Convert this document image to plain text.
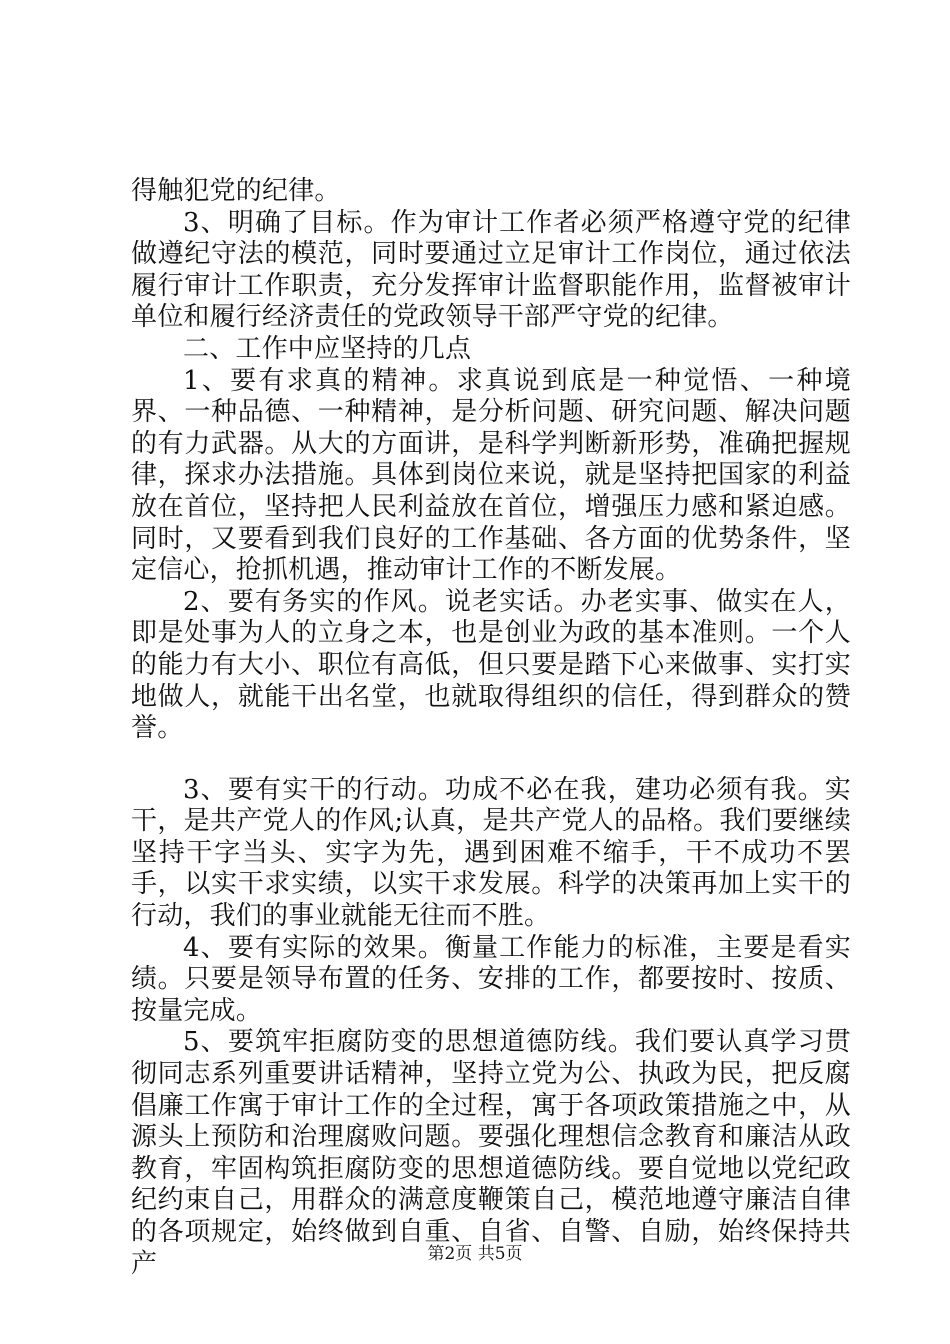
得触犯党的纪律。

3、明确了目标。作为审计工作者必须严格遵守党的纪律做遵纪守法的模范，同时要通过立足审计工作岗位，通过依法履行审计工作职责，充分发挥审计监督职能作用，监督被审计单位和履行经济责任的党政领导干部严守党的纪律。

二、工作中应坚持的几点

1、要有求真的精神。求真说到底是一种觉悟、一种境界、一种品德、一种精神，是分析问题、研究问题、解决问题的有力武器。从大的方面讲，是科学判断新形势，准确把握规律，探求办法措施。具体到岗位来说，就是坚持把国家的利益放在首位，坚持把人民利益放在首位，增强压力感和紧迫感。同时，又要看到我们良好的工作基础、各方面的优势条件，坚定信心，抢抓机遇，推动审计工作的不断发展。

2、要有务实的作风。说老实话。办老实事、做实在人，即是处事为人的立身之本，也是创业为政的基本准则。一个人的能力有大小、职位有高低，但只要是踏下心来做事、实打实地做人，就能干出名堂，也就取得组织的信任，得到群众的赞誉。

3、要有实干的行动。功成不必在我，建功必须有我。实干，是共产党人的作风;认真，是共产党人的品格。我们要继续坚持干字当头、实字为先，遇到困难不缩手，干不成功不罢手，以实干求实绩，以实干求发展。科学的决策再加上实干的行动，我们的事业就能无往而不胜。

4、要有实际的效果。衡量工作能力的标准，主要是看实绩。只要是领导布置的任务、安排的工作，都要按时、按质、按量完成。

5、要筑牢拒腐防变的思想道德防线。我们要认真学习贯彻同志系列重要讲话精神，坚持立党为公、执政为民，把反腐倡廉工作寓于审计工作的全过程，寓于各项政策措施之中，从源头上预防和治理腐败问题。要强化理想信念教育和廉洁从政教育，牢固构筑拒腐防变的思想道德防线。要自觉地以党纪政纪约束自己，用群众的满意度鞭策自己，模范地遵守廉洁自律的各项规定，始终做到自重、自省、自警、自励，始终保持共产	第2页 共5页
